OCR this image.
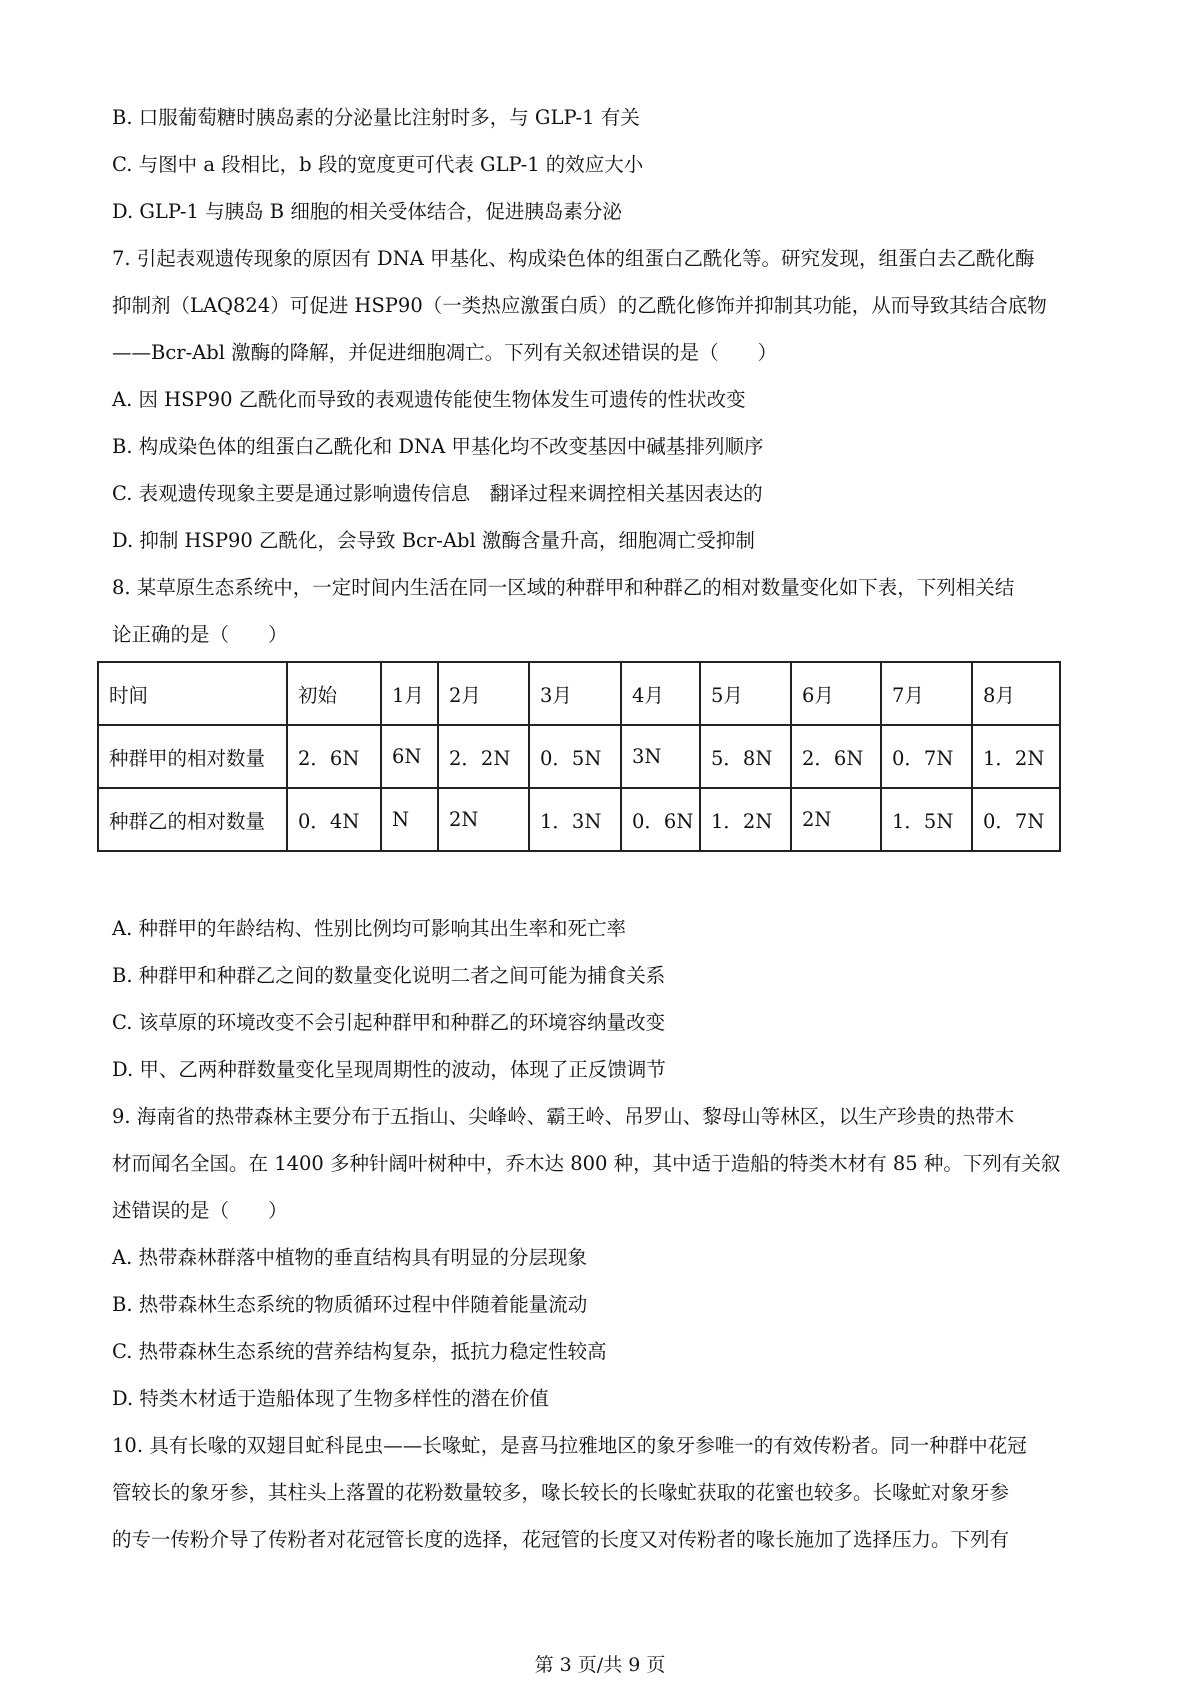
B. 口服葡萄糖时胰岛素的分泌量比注射时多，与 GLP-1 有关
C. 与图中 a 段相比，b 段的宽度更可代表 GLP-1 的效应大小
D. GLP-1 与胰岛 B 细胞的相关受体结合，促进胰岛素分泌
7. 引起表观遗传现象的原因有 DNA 甲基化、构成染色体的组蛋白乙酰化等。研究发现，组蛋白去乙酰化酶
抑制剂（LAQ824）可促进 HSP90（一类热应激蛋白质）的乙酰化修饰并抑制其功能，从而导致其结合底物
——Bcr-Abl 激酶的降解，并促进细胞凋亡。下列有关叙述错误的是（　　）
A. 因 HSP90 乙酰化而导致的表观遗传能使生物体发生可遗传的性状改变
B. 构成染色体的组蛋白乙酰化和 DNA 甲基化均不改变基因中碱基排列顺序
C. 表观遗传现象主要是通过影响遗传信息　翻译过程来调控相关基因表达的
D. 抑制 HSP90 乙酰化，会导致 Bcr-Abl 激酶含量升高，细胞凋亡受抑制
8. 某草原生态系统中，一定时间内生活在同一区域的种群甲和种群乙的相对数量变化如下表，下列相关结
论正确的是（　　）
时间	初始	1月	2月	3月	4月	5月	6月	7月	8月
种群甲的相对数量	2．6N	6N	2．2N	0．5N	3N	5．8N	2．6N	0．7N	1．2N
种群乙的相对数量	0．4N	N	2N	1．3N	0．6N	1．2N	2N	1．5N	0．7N
A. 种群甲的年龄结构、性别比例均可影响其出生率和死亡率
B. 种群甲和种群乙之间的数量变化说明二者之间可能为捕食关系
C. 该草原的环境改变不会引起种群甲和种群乙的环境容纳量改变
D. 甲、乙两种群数量变化呈现周期性的波动，体现了正反馈调节
9. 海南省的热带森林主要分布于五指山、尖峰岭、霸王岭、吊罗山、黎母山等林区，以生产珍贵的热带木
材而闻名全国。在 1400 多种针阔叶树种中，乔木达 800 种，其中适于造船的特类木材有 85 种。下列有关叙
述错误的是（　　）
A. 热带森林群落中植物的垂直结构具有明显的分层现象
B. 热带森林生态系统的物质循环过程中伴随着能量流动
C. 热带森林生态系统的营养结构复杂，抵抗力稳定性较高
D. 特类木材适于造船体现了生物多样性的潜在价值
10. 具有长喙的双翅目虻科昆虫——长喙虻，是喜马拉雅地区的象牙参唯一的有效传粉者。同一种群中花冠
管较长的象牙参，其柱头上落置的花粉数量较多，喙长较长的长喙虻获取的花蜜也较多。长喙虻对象牙参
的专一传粉介导了传粉者对花冠管长度的选择，花冠管的长度又对传粉者的喙长施加了选择压力。下列有
第 3 页/共 9 页
